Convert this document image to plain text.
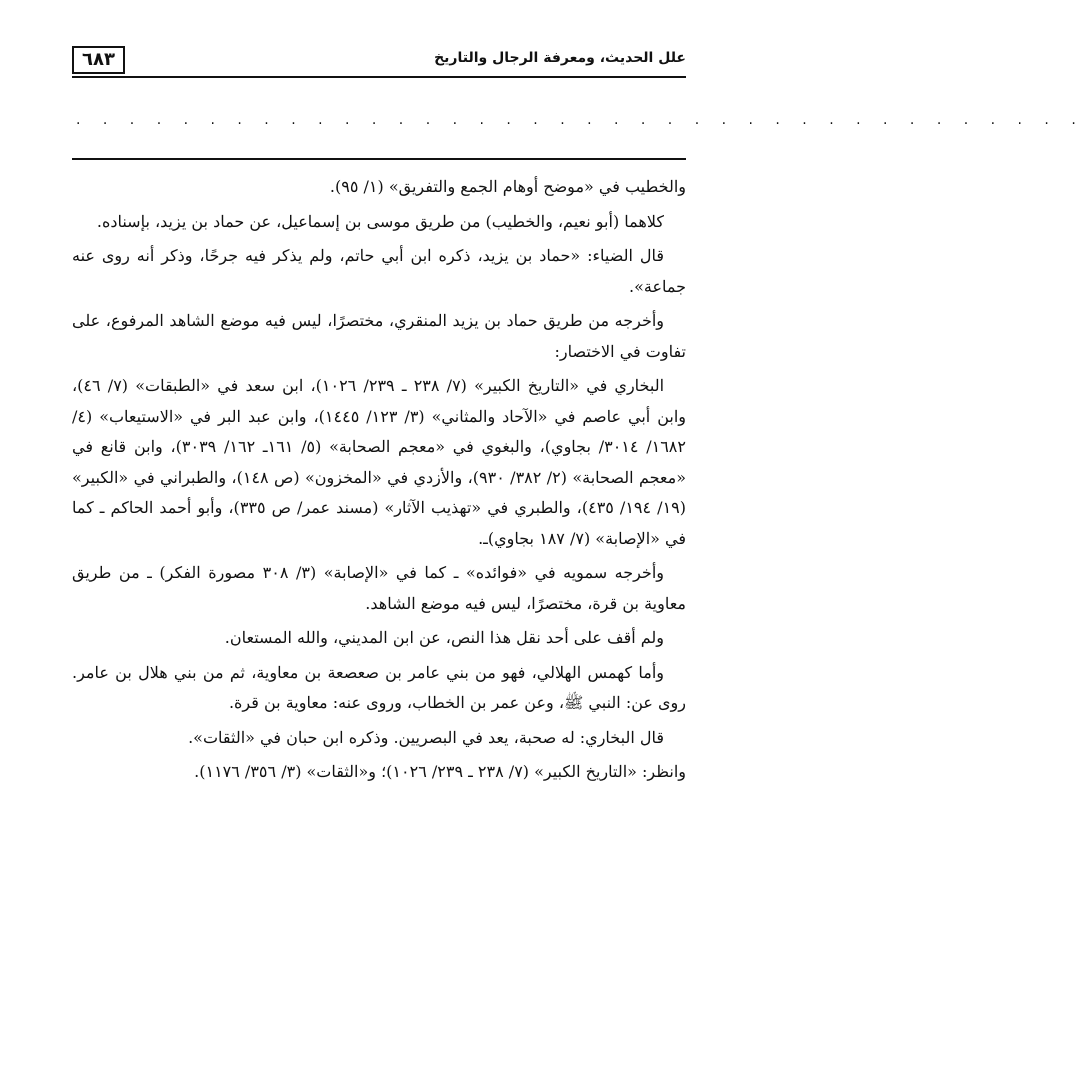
٦٨٣	علل الحديث، ومعرفة الرجال والتاريخ
. . . . . . . . . . . . . . . . . . . . . . . . . . . . . . . . . . . . . .

والخطيب في «موضح أوهام الجمع والتفريق» (١/ ٩٥).

كلاهما (أبو نعيم، والخطيب) من طريق موسى بن إسماعيل، عن حماد بن يزيد، بإسناده.

قال الضياء: «حماد بن يزيد، ذكره ابن أبي حاتم، ولم يذكر فيه جرحًا، وذكر أنه روى عنه جماعة».

وأخرجه من طريق حماد بن يزيد المنقري، مختصرًا، ليس فيه موضع الشاهد المرفوع، على تفاوت في الاختصار:

البخاري في «التاريخ الكبير» (٧/ ٢٣٨ ـ ٢٣٩/ ١٠٢٦)، ابن سعد في «الطبقات» (٧/ ٤٦)، وابن أبي عاصم في «الآحاد والمثاني» (٣/ ١٢٣/ ١٤٤٥)، وابن عبد البر في «الاستيعاب» (٤/ ١٦٨٢/ ٣٠١٤/ بجاوي)، والبغوي في «معجم الصحابة» (٥/ ١٦١ـ ١٦٢/ ٣٠٣٩)، وابن قانع في «معجم الصحابة» (٢/ ٣٨٢/ ٩٣٠)، والأزدي في «المخزون» (ص ١٤٨)، والطبراني في «الكبير» (١٩/ ١٩٤/ ٤٣٥)، والطبري في «تهذيب الآثار» (مسند عمر/ ص ٣٣٥)، وأبو أحمد الحاكم ـ كما في «الإصابة» (٧/ ١٨٧ بجاوي)ـ.

وأخرجه سمويه في «فوائده» ـ كما في «الإصابة» (٣/ ٣٠٨ مصورة الفكر) ـ من طريق معاوية بن قرة، مختصرًا، ليس فيه موضع الشاهد.

ولم أقف على أحد نقل هذا النص، عن ابن المديني، والله المستعان.

وأما كهمس الهلالي، فهو من بني عامر بن صعصعة بن معاوية، ثم من بني هلال بن عامر. روى عن: النبي ﷺ، وعن عمر بن الخطاب، وروى عنه: معاوية بن قرة.

قال البخاري: له صحبة، يعد في البصريين. وذكره ابن حبان في «الثقات».

وانظر: «التاريخ الكبير» (٧/ ٢٣٨ ـ ٢٣٩/ ١٠٢٦)؛ و«الثقات» (٣/ ٣٥٦/ ١١٧٦).
